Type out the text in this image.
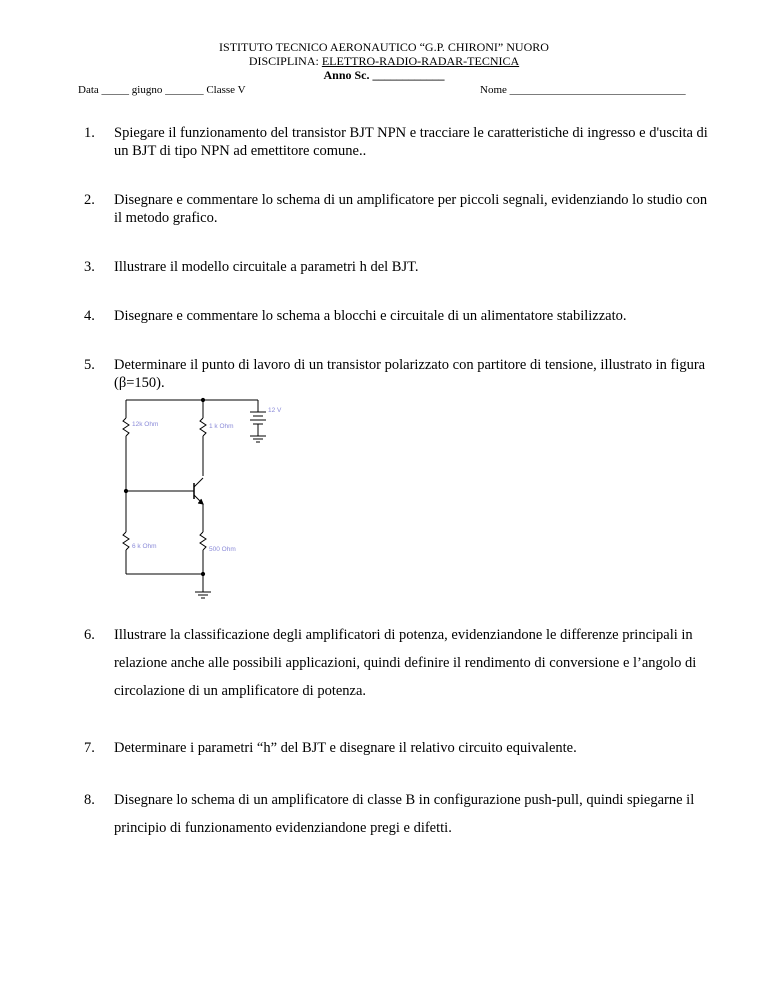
ISTITUTO TECNICO AERONAUTICO “G.P. CHIRONI” NUORO
DISCIPLINA: ELETTRO-RADIO-RADAR-TECNICA
Anno Sc. ____________
Data _____ giugno _______ Classe V	Nome ________________________________
1. Spiegare il funzionamento del transistor BJT NPN e tracciare le caratteristiche di ingresso e d'uscita di un BJT di tipo NPN ad emettitore comune..
2. Disegnare e commentare lo schema di un amplificatore per piccoli segnali, evidenziando lo studio con il metodo grafico.
3. Illustrare il modello circuitale a parametri h del BJT.
4. Disegnare e commentare lo schema a blocchi e circuitale di un alimentatore stabilizzato.
5. Determinare il punto di lavoro di un transistor polarizzato con partitore di tensione, illustrato in figura (β=150).
12k Ohm	1 k Ohm
6 k Ohm	500 Ohm
12 V
6. Illustrare la classificazione degli amplificatori di potenza, evidenziandone le differenze principali in relazione anche alle possibili applicazioni, quindi definire il rendimento di conversione e l’angolo di circolazione di un amplificatore di potenza.
7. Determinare i parametri “h” del BJT e disegnare il relativo circuito equivalente.
8. Disegnare lo schema di un amplificatore di classe B in configurazione push-pull, quindi spiegarne il principio di funzionamento evidenziandone pregi e difetti.
